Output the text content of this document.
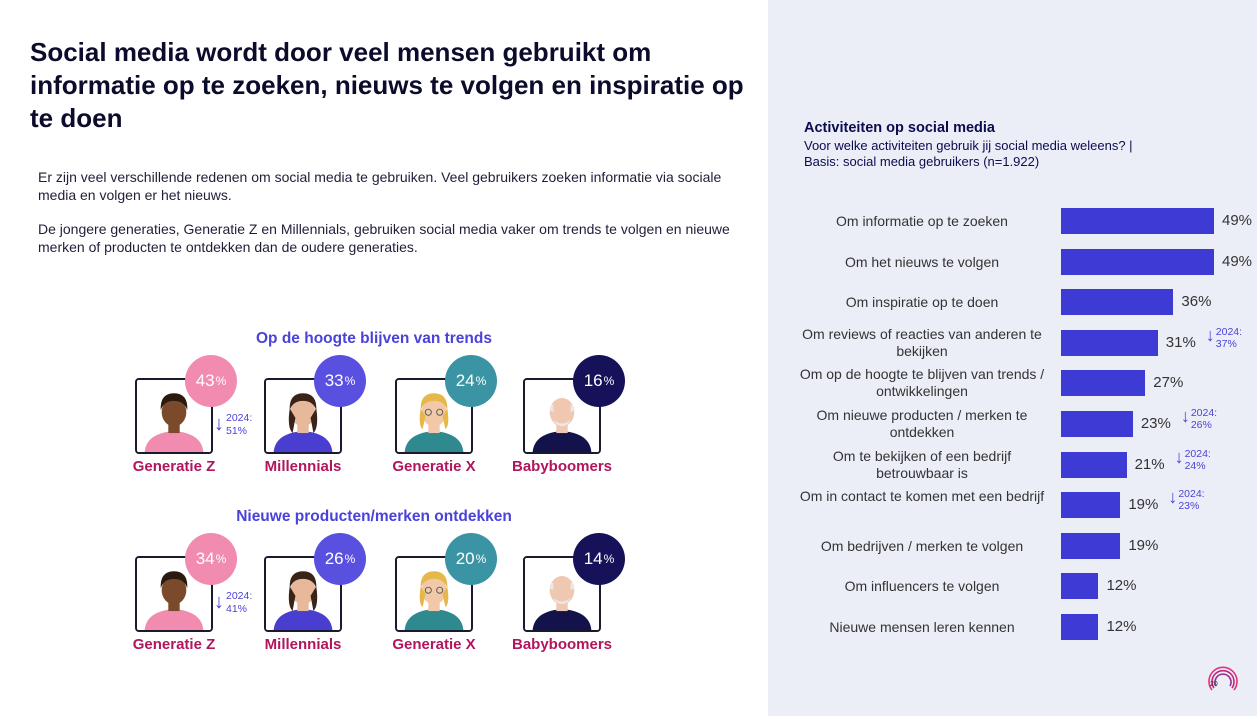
Social media wordt door veel mensen gebruikt om informatie op te zoeken, nieuws te volgen en inspiratie op te doen

Er zijn veel verschillende redenen om social media te gebruiken. Veel gebruikers zoeken informatie via sociale media en volgen er het nieuws.

De jongere generaties, Generatie Z en Millennials, gebruiken social media vaker om trends te volgen en nieuwe merken of producten te ontdekken dan de oudere generaties.

Op de hoogte blijven van trends
43 %
Generatie Z
↓ 2024:
51%
33 %
Millennials
24 %
Generatie X
16 %
Babyboomers
Nieuwe producten/merken ontdekken
34 %
Generatie Z
↓ 2024:
41%
26 %
Millennials
20 %
Generatie X
14 %
Babyboomers
Activiteiten op social media
Voor welke activiteiten gebruik jij social media weleens? |
Basis: social media gebruikers (n=1.922)
Om informatie op te zoeken	49%
Om het nieuws te volgen	49%
Om inspiratie op te doen	36%
Om reviews of reacties van anderen te bekijken	31% ↓ 2024:
37%
Om op de hoogte te blijven van trends / ontwikkelingen	27%
Om nieuwe producten / merken te ontdekken	23% ↓ 2024:
26%
Om te bekijken of een bedrijf betrouwbaar is	21% ↓ 2024:
24%
Om in contact te komen met een bedrijf	19% ↓ 2024:
23%
Om bedrijven / merken te volgen	19%
Om influencers te volgen	12%
Nieuwe mensen leren kennen	12%
20
